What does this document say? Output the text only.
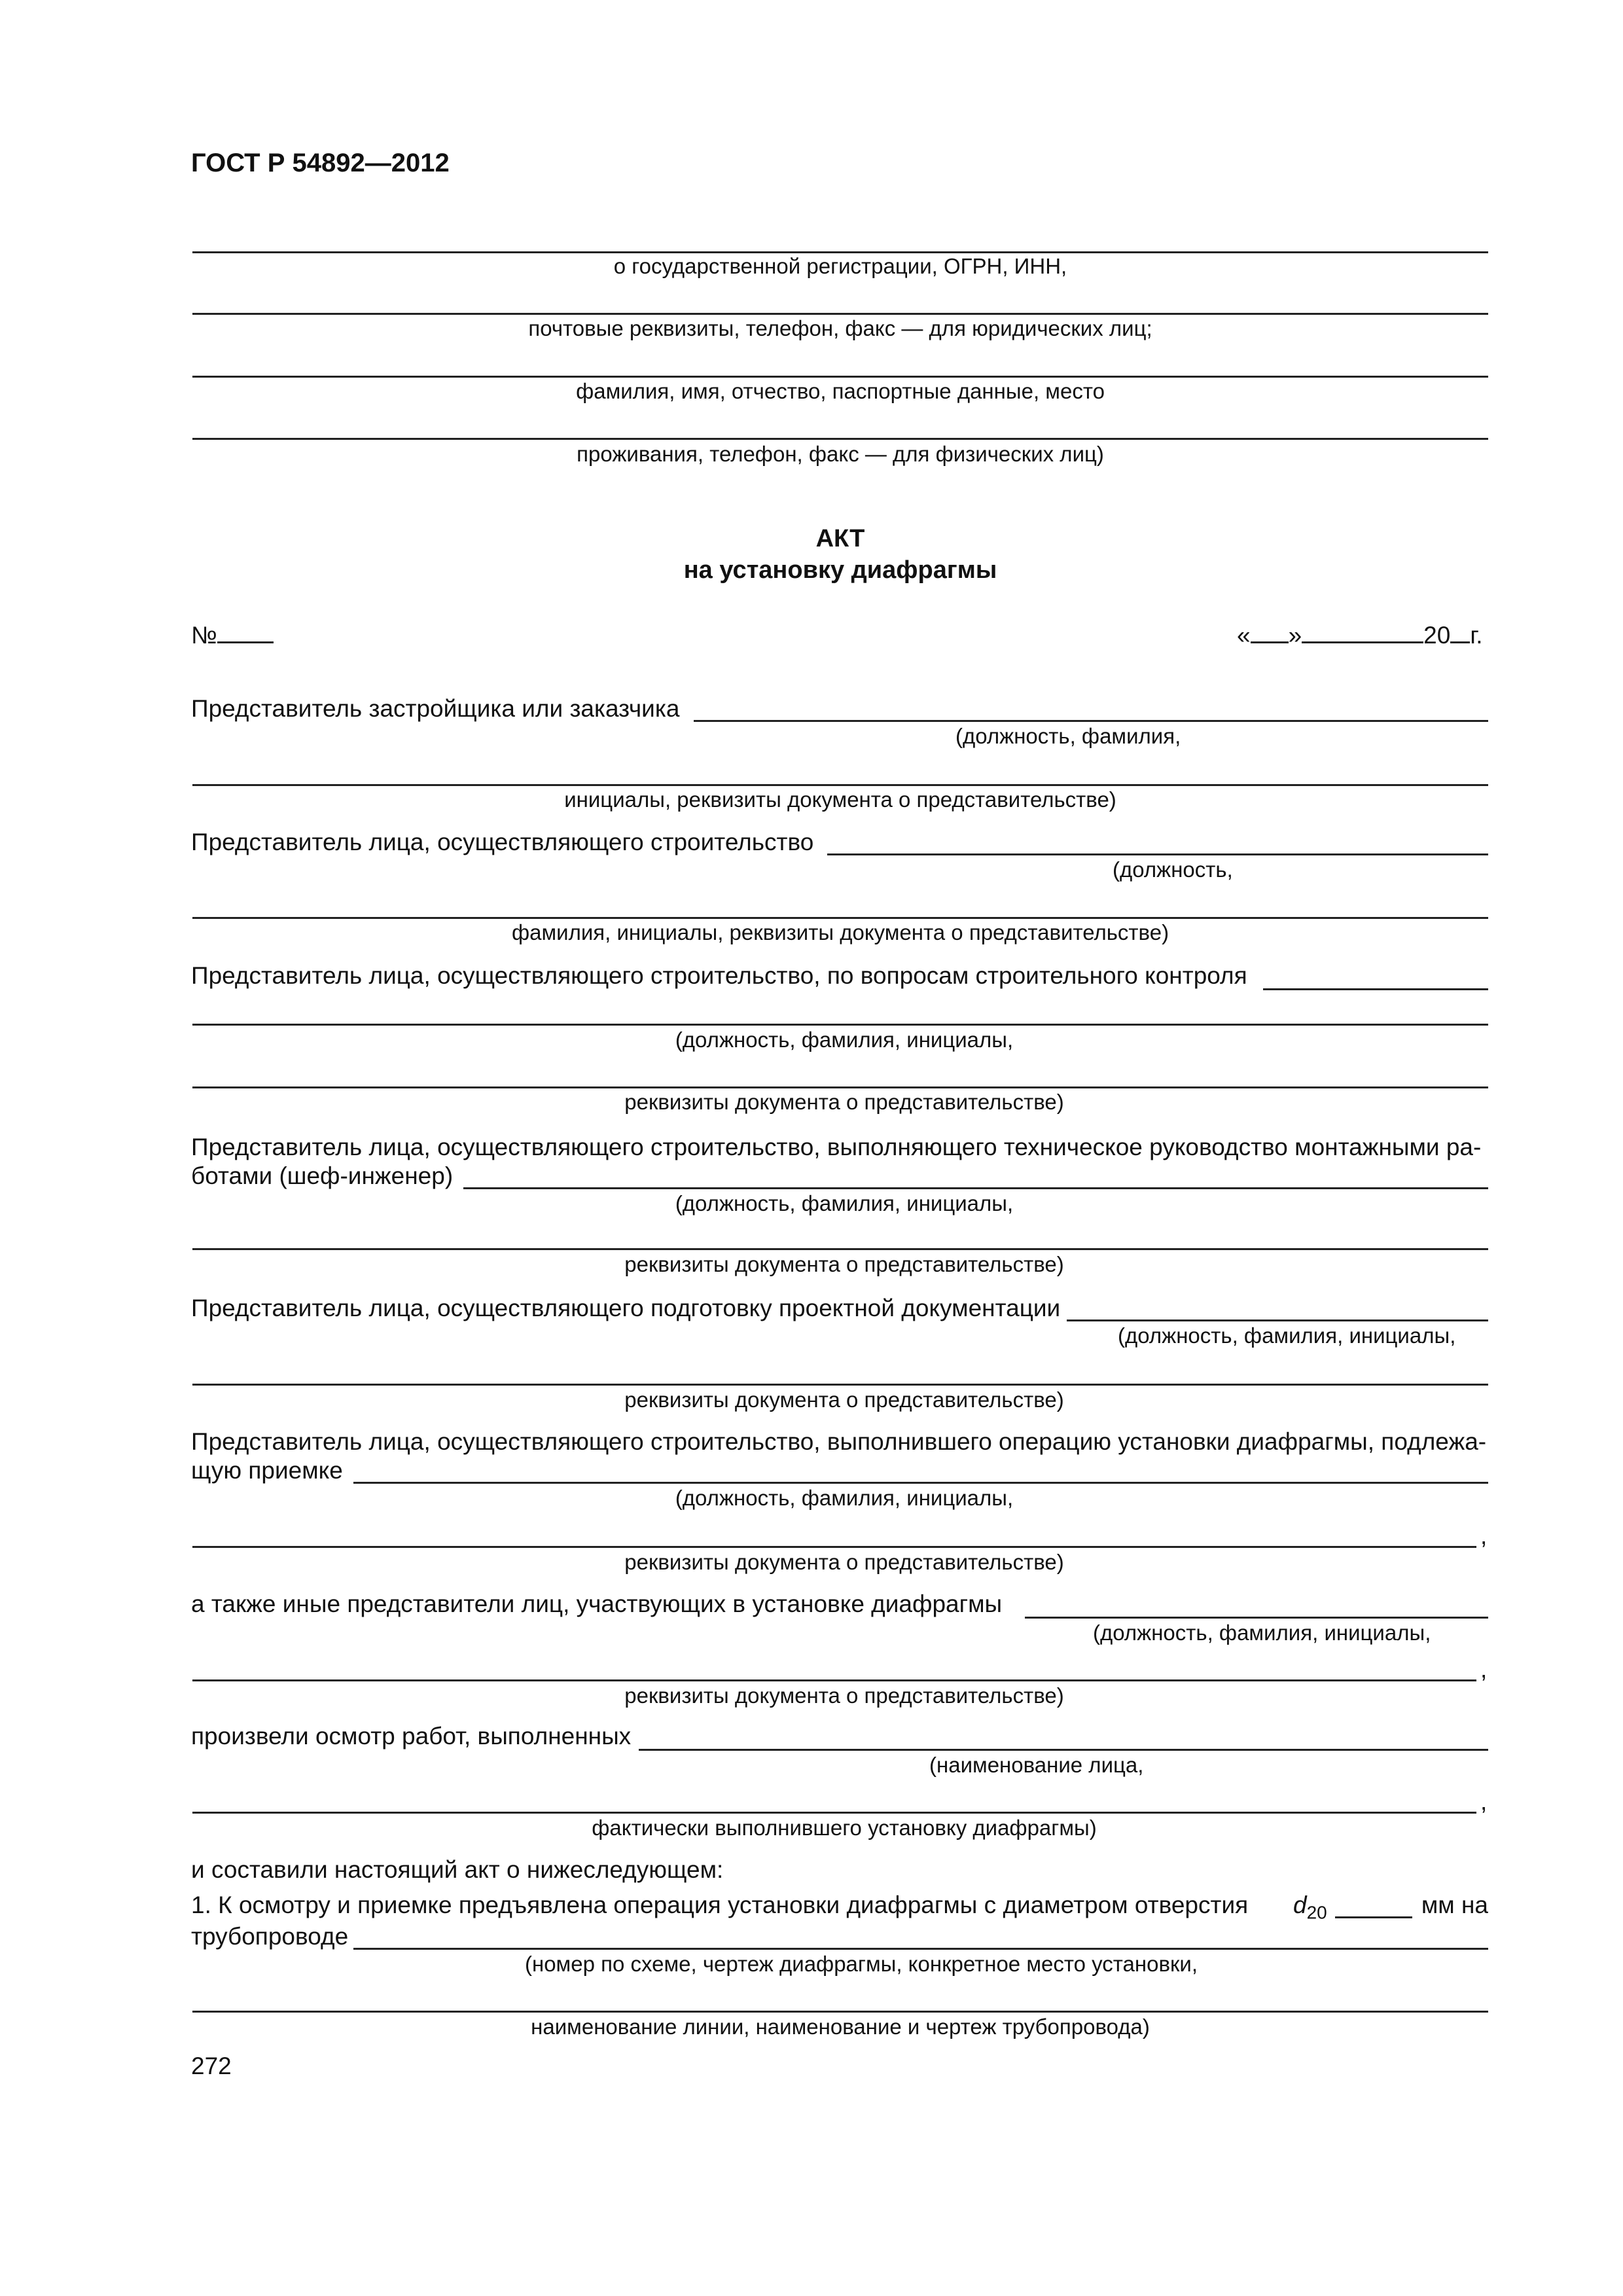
ГОСТ Р 54892—2012
о государственной регистрации, ОГРН, ИНН,
почтовые реквизиты, телефон, факс — для юридических лиц;
фамилия, имя, отчество, паспортные данные, место
проживания, телефон, факс — для физических лиц)
АКТ
на установку диафрагмы
№	« »	20 г.
Представитель застройщика или заказчика
(должность, фамилия,
инициалы, реквизиты документа о представительстве)
Представитель лица, осуществляющего строительство
(должность,
фамилия, инициалы, реквизиты документа о представительстве)
Представитель лица, осуществляющего строительство, по вопросам строительного контроля
(должность, фамилия, инициалы,
реквизиты документа о представительстве)
Представитель лица, осуществляющего строительство, выполняющего техническое руководство монтажными ра-
ботами (шеф-инженер)
(должность, фамилия, инициалы,
реквизиты документа о представительстве)
Представитель лица, осуществляющего подготовку проектной документации
(должность, фамилия, инициалы,
реквизиты документа о представительстве)
Представитель лица, осуществляющего строительство, выполнившего операцию установки диафрагмы, подлежа-
щую приемке
(должность, фамилия, инициалы,
,
реквизиты документа о представительстве)
а также иные представители лиц, участвующих в установке диафрагмы
(должность, фамилия, инициалы,
,
реквизиты документа о представительстве)
произвели осмотр работ, выполненных
(наименование лица,
,
фактически выполнившего установку диафрагмы)
и составили настоящий акт о нижеследующем:
1. К осмотру и приемке предъявлена операция установки диафрагмы с диаметром отверстия $d_{20}$	мм на
трубопроводе
(номер по схеме, чертеж диафрагмы, конкретное место установки,
наименование линии, наименование и чертеж трубопровода)
272
